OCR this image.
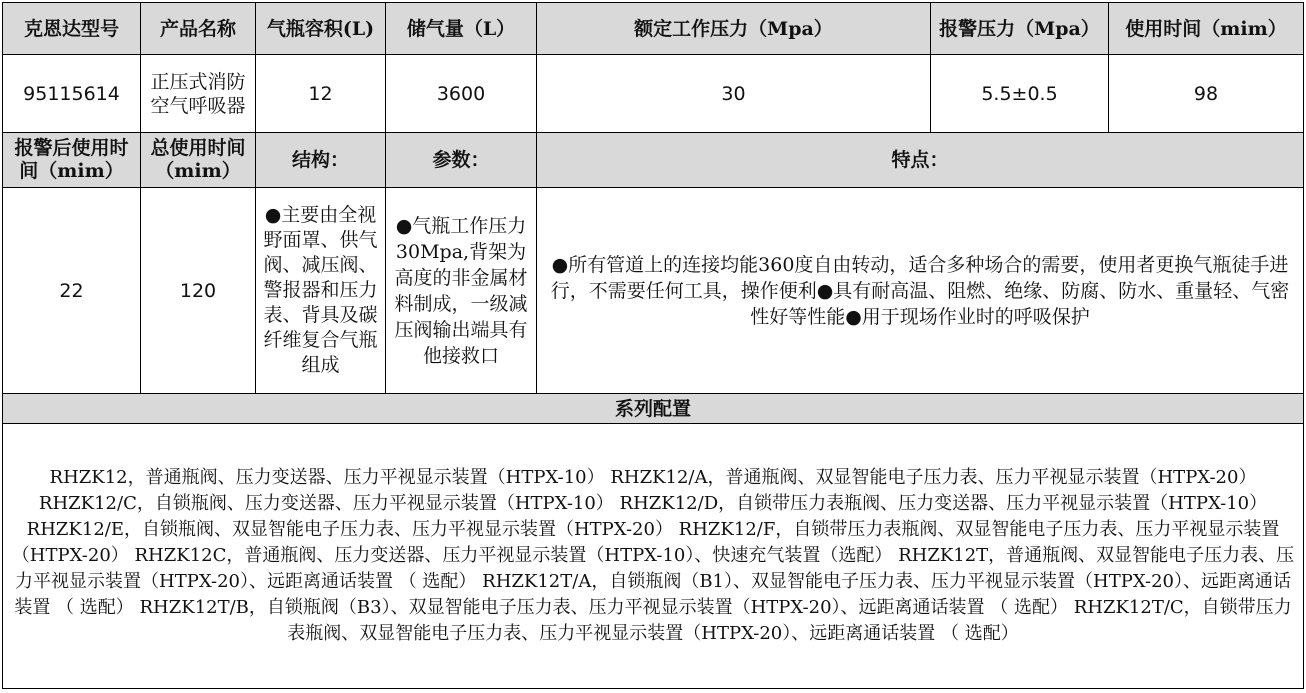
克恩达型号	产品名称	气瓶容积(L)	储气量（L）	额定工作压力（Mpa）	报警压力（Mpa）	使用时间（mim）
95115614	正压式消防空气呼吸器	12	3600	30	5.5±0.5	98
报警后使用时间（mim）	总使用时间（mim）	结构：	参数：	特点：		
22	120	●主要由全视野面罩、供气阀、减压阀、警报器和压力表、背具及碳纤维复合气瓶组成	●气瓶工作压力30Mpa,背架为高度的非金属材料制成，一级减压阀输出端具有他接救口	●所有管道上的连接均能360度自由转动，适合多种场合的需要，使用者更换气瓶徒手进行，不需要任何工具，操作便利●具有耐高温、阻燃、绝缘、防腐、防水、重量轻、气密性好等性能●用于现场作业时的呼吸保护		
系列配置						
RHZK12，普通瓶阀、压力变送器、压力平视显示装置（HTPX-10） RHZK12/A，普通瓶阀、双显智能电子压力表、压力平视显示装置（HTPX-20） RHZK12/C，自锁瓶阀、压力变送器、压力平视显示装置（HTPX-10） RHZK12/D，自锁带压力表瓶阀、压力变送器、压力平视显示装置（HTPX-10） RHZK12/E，自锁瓶阀、双显智能电子压力表、压力平视显示装置（HTPX-20） RHZK12/F，自锁带压力表瓶阀、双显智能电子压力表、压力平视显示装置（HTPX-20） RHZK12C，普通瓶阀、压力变送器、压力平视显示装置（HTPX-10）、快速充气装置（选配） RHZK12T，普通瓶阀、双显智能电子压力表、压力平视显示装置（HTPX-20）、远距离通话装置 （ 选配） RHZK12T/A，自锁瓶阀（B1）、双显智能电子压力表、压力平视显示装置（HTPX-20）、远距离通话装置 （ 选配） RHZK12T/B，自锁瓶阀（B3）、双显智能电子压力表、压力平视显示装置（HTPX-20）、远距离通话装置 （ 选配） RHZK12T/C，自锁带压力表瓶阀、双显智能电子压力表、压力平视显示装置（HTPX-20）、远距离通话装置 （ 选配）						
